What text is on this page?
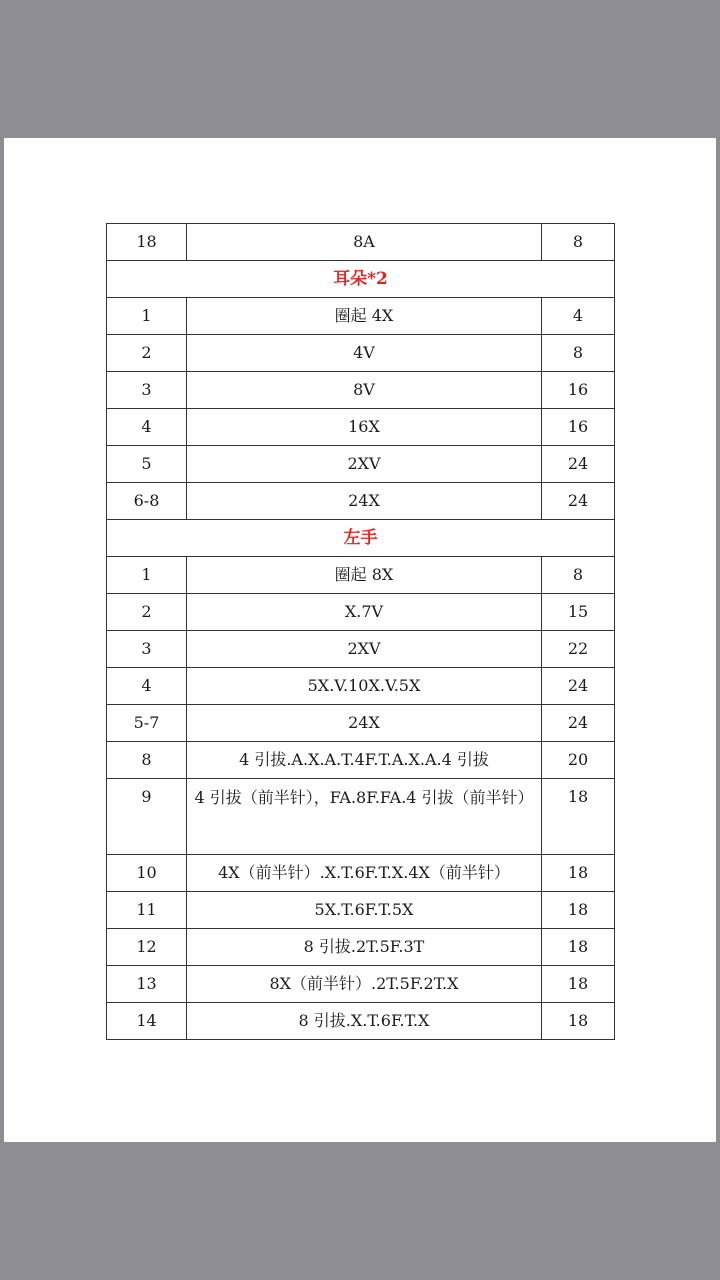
18	8A	8
耳朵*2		
1	圈起 4X	4
2	4V	8
3	8V	16
4	16X	16
5	2XV	24
6-8	24X	24
左手		
1	圈起 8X	8
2	X.7V	15
3	2XV	22
4	5X.V.10X.V.5X	24
5-7	24X	24
8	4 引拔.A.X.A.T.4F.T.A.X.A.4 引拔	20
9	4 引拔（前半针），FA.8F.FA.4 引拔（前半针）	18
10	4X（前半针）.X.T.6F.T.X.4X（前半针）	18
11	5X.T.6F.T.5X	18
12	8 引拔.2T.5F.3T	18
13	8X（前半针）.2T.5F.2T.X	18
14	8 引拔.X.T.6F.T.X	18
